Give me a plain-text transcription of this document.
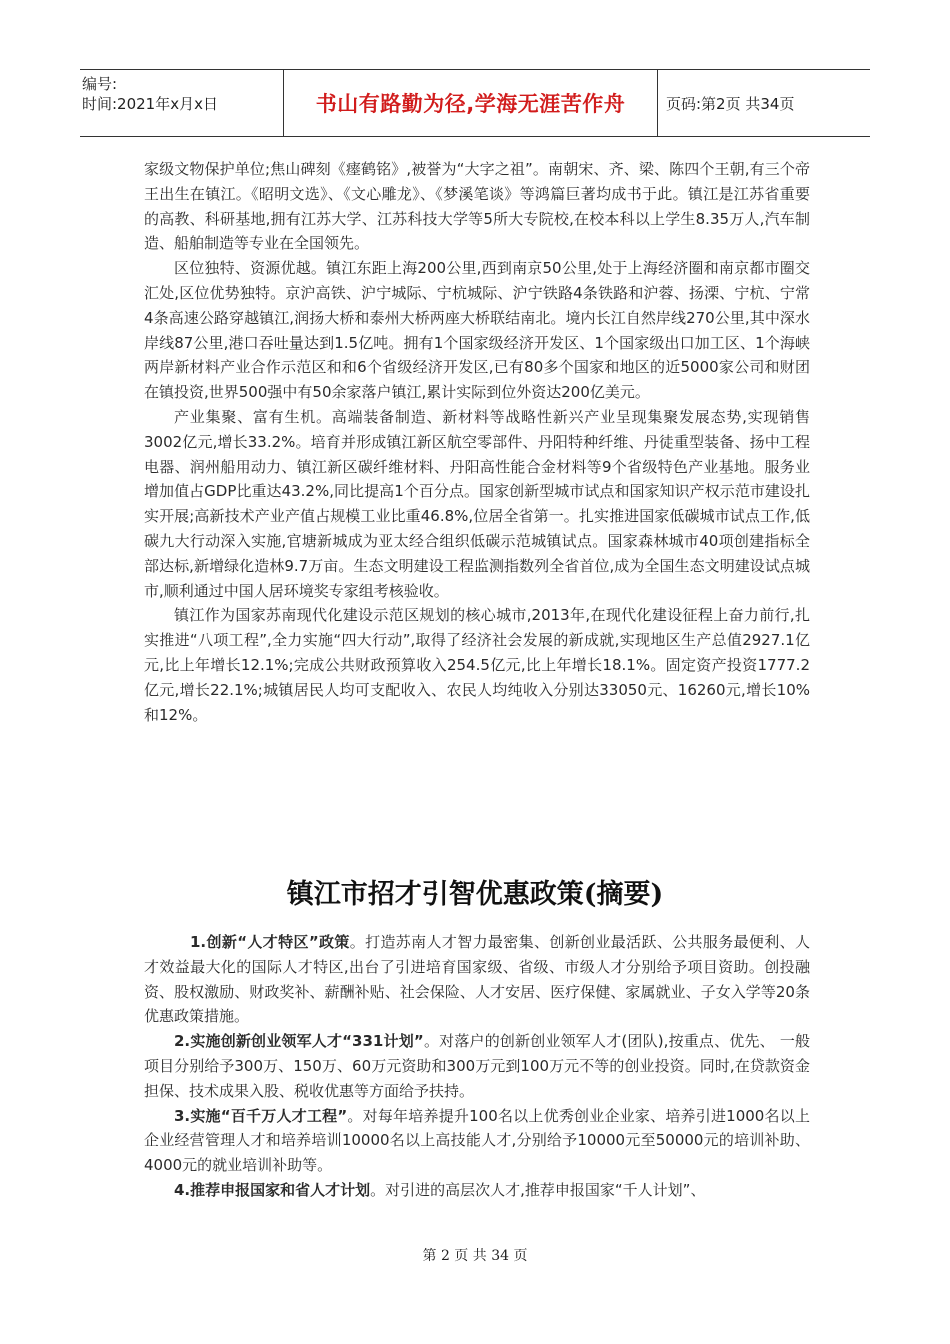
编号:
时间:2021年x月x日	书山有路勤为径,学海无涯苦作舟	页码:第2页 共34页

家级文物保护单位;焦山碑刻《瘗鹤铭》,被誉为“大字之祖”。南朝宋、齐、梁、陈四个王朝,有三个帝王出生在镇江。《昭明文选》、《文心雕龙》、《梦溪笔谈》等鸿篇巨著均成书于此。镇江是江苏省重要的高教、科研基地,拥有江苏大学、江苏科技大学等5所大专院校,在校本科以上学生8.35万人,汽车制造、船舶制造等专业在全国领先。

区位独特、资源优越。镇江东距上海200公里,西到南京50公里,处于上海经济圈和南京都市圈交汇处,区位优势独特。京沪高铁、沪宁城际、宁杭城际、沪宁铁路4条铁路和沪蓉、扬溧、宁杭、宁常4条高速公路穿越镇江,润扬大桥和泰州大桥两座大桥联结南北。境内长江自然岸线270公里,其中深水岸线87公里,港口吞吐量达到1.5亿吨。拥有1个国家级经济开发区、1个国家级出口加工区、1个海峡两岸新材料产业合作示范区和和6个省级经济开发区,已有80多个国家和地区的近5000家公司和财团在镇投资,世界500强中有50余家落户镇江,累计实际到位外资达200亿美元。

产业集聚、富有生机。高端装备制造、新材料等战略性新兴产业呈现集聚发展态势,实现销售3002亿元,增长33.2%。培育并形成镇江新区航空零部件、丹阳特种纤维、丹徒重型装备、扬中工程电器、润州船用动力、镇江新区碳纤维材料、丹阳高性能合金材料等9个省级特色产业基地。服务业增加值占GDP比重达43.2%,同比提高1个百分点。国家创新型城市试点和国家知识产权示范市建设扎实开展;高新技术产业产值占规模工业比重46.8%,位居全省第一。扎实推进国家低碳城市试点工作,低碳九大行动深入实施,官塘新城成为亚太经合组织低碳示范城镇试点。国家森林城市40项创建指标全部达标,新增绿化造林9.7万亩。生态文明建设工程监测指数列全省首位,成为全国生态文明建设试点城市,顺利通过中国人居环境奖专家组考核验收。

镇江作为国家苏南现代化建设示范区规划的核心城市,2013年,在现代化建设征程上奋力前行,扎实推进“八项工程”,全力实施“四大行动”,取得了经济社会发展的新成就,实现地区生产总值2927.1亿元,比上年增长12.1%;完成公共财政预算收入254.5亿元,比上年增长18.1%。固定资产投资1777.2亿元,增长22.1%;城镇居民人均可支配收入、农民人均纯收入分别达33050元、16260元,增长10%和12%。

镇江市招才引智优惠政策(摘要)

1.创新“人才特区”政策。打造苏南人才智力最密集、创新创业最活跃、公共服务最便利、人才效益最大化的国际人才特区,出台了引进培育国家级、省级、市级人才分别给予项目资助。创投融资、股权激励、财政奖补、薪酬补贴、社会保险、人才安居、医疗保健、家属就业、子女入学等20条优惠政策措施。

2.实施创新创业领军人才“331计划”。对落户的创新创业领军人才(团队),按重点、优先、 一般项目分别给予300万、150万、60万元资助和300万元到100万元不等的创业投资。同时,在贷款资金担保、技术成果入股、税收优惠等方面给予扶持。

3.实施“百千万人才工程”。对每年培养提升100名以上优秀创业企业家、培养引进1000名以上企业经营管理人才和培养培训10000名以上高技能人才,分别给予10000元至50000元的培训补助、4000元的就业培训补助等。

4.推荐申报国家和省人才计划。对引进的高层次人才,推荐申报国家“千人计划”、

第 2 页 共 34 页
